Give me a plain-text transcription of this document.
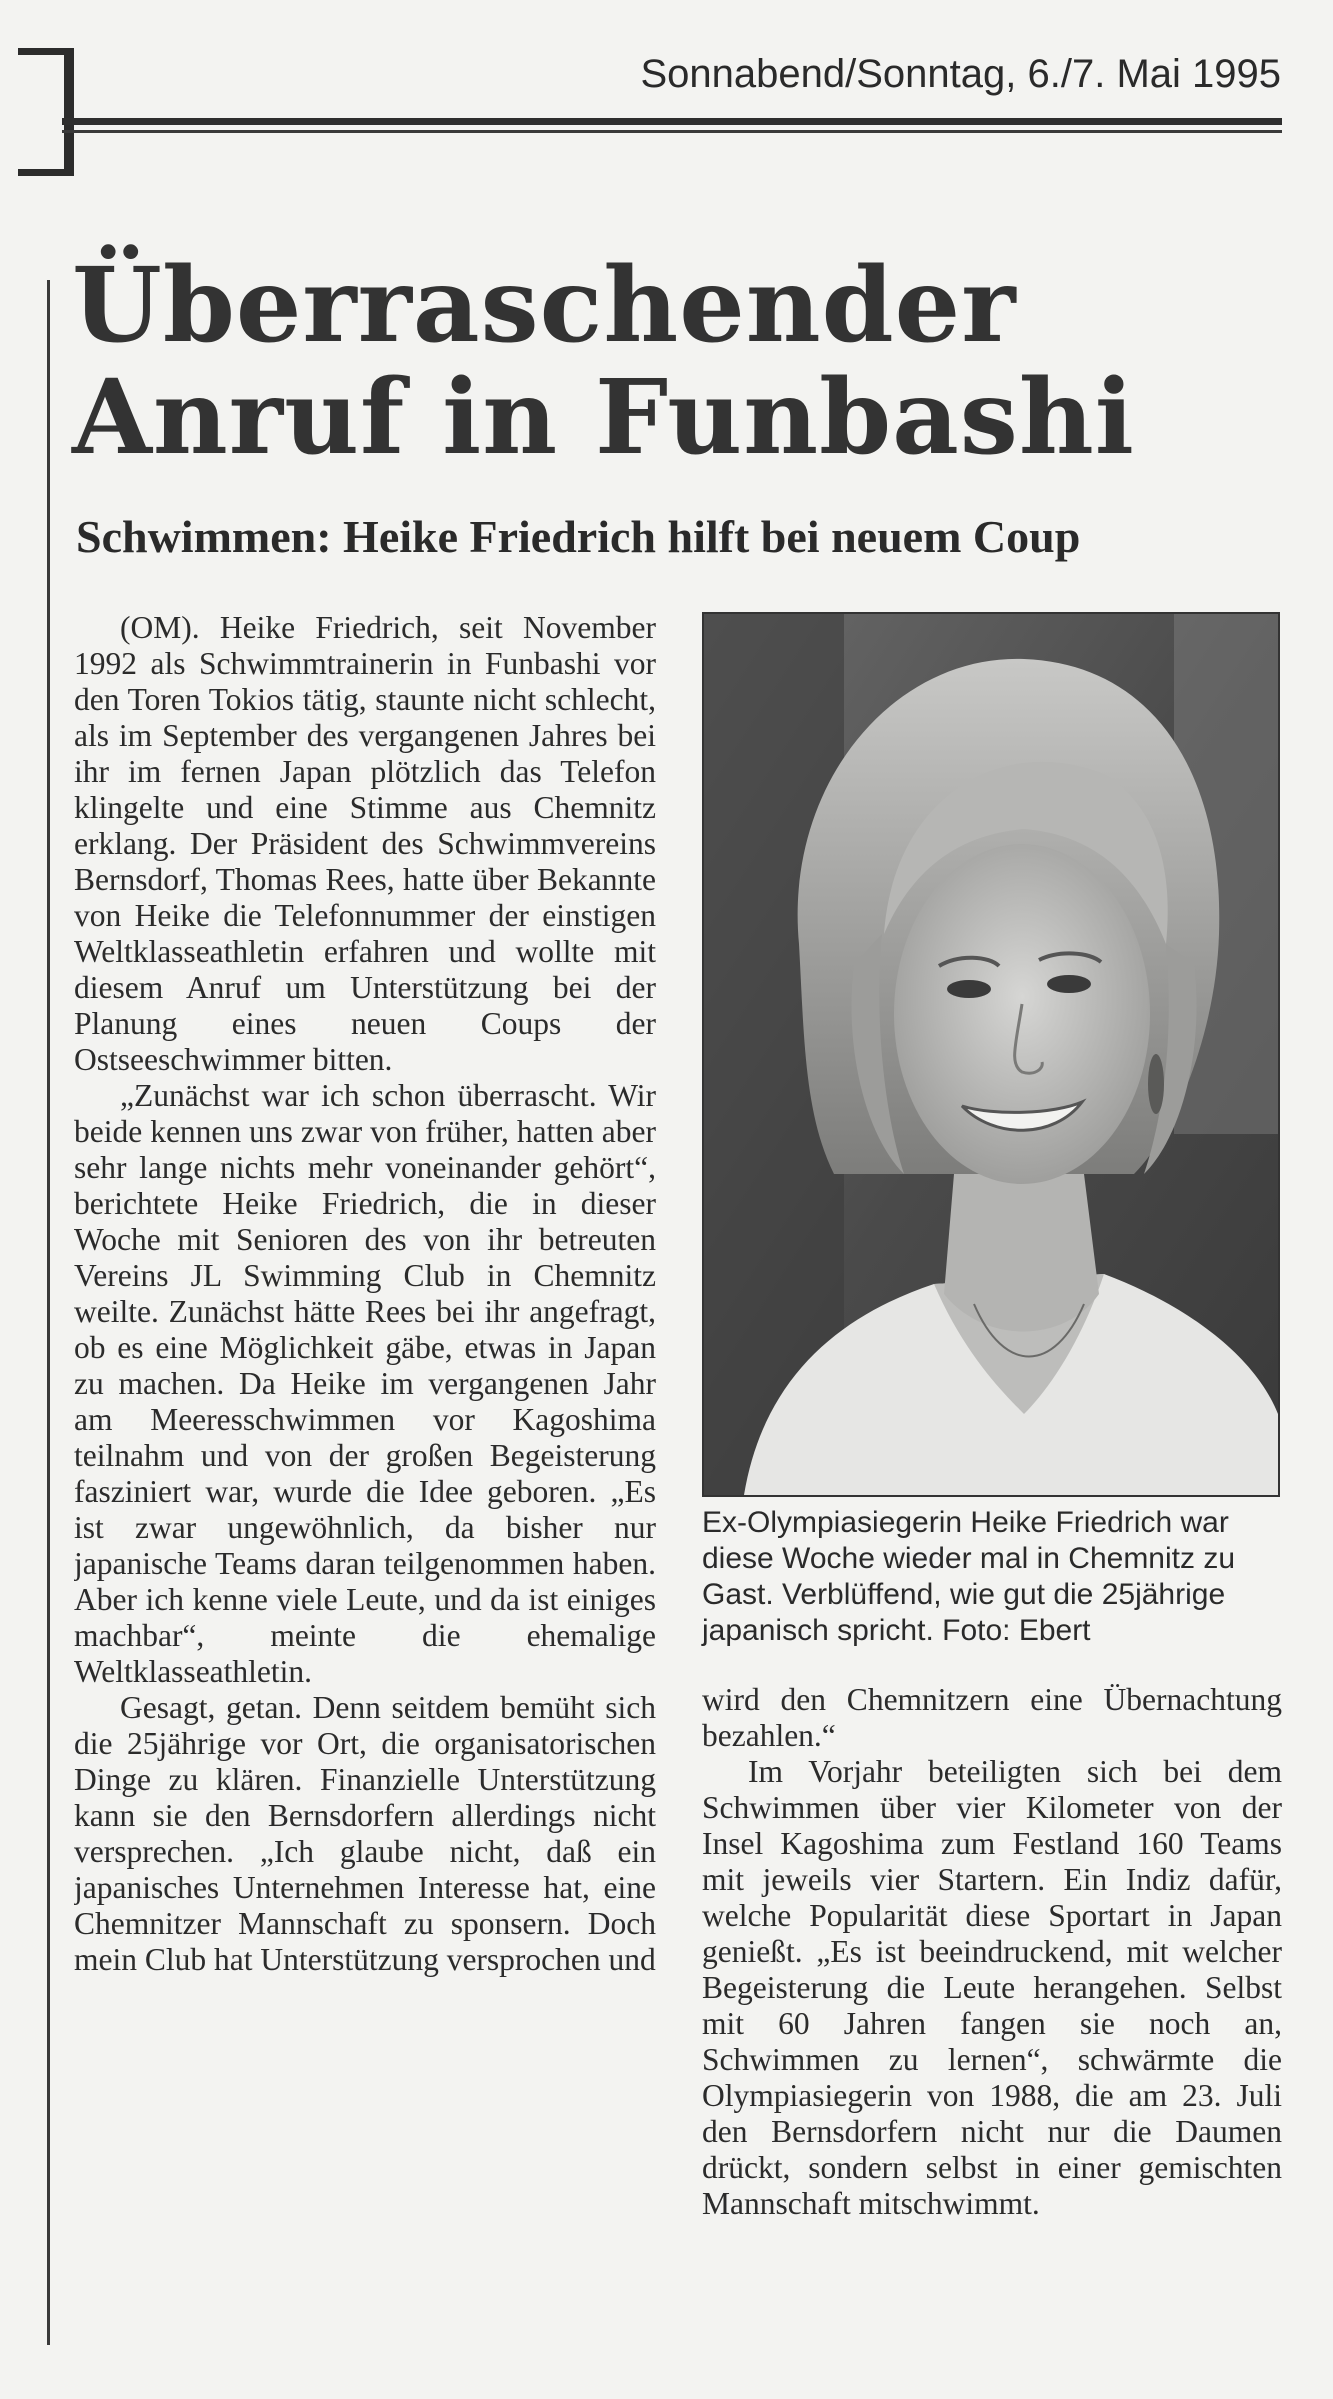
Sonnabend/Sonntag, 6./7. Mai 1995
Überraschender
Anruf in Funbashi
Schwimmen: Heike Friedrich hilft bei neuem Coup

(OM). Heike Friedrich, seit November 1992 als Schwimmtrainerin in Funbashi vor den Toren Tokios tätig, staunte nicht schlecht, als im September des vergangenen Jahres bei ihr im fernen Japan plötzlich das Telefon klingelte und eine Stimme aus Chemnitz erklang. Der Präsident des Schwimmvereins Bernsdorf, Thomas Rees, hatte über Bekannte von Heike die Telefonnummer der einstigen Weltklasseathletin erfahren und wollte mit diesem Anruf um Unterstützung bei der Planung eines neuen Coups der Ostseeschwimmer bitten.

„Zunächst war ich schon überrascht. Wir beide kennen uns zwar von früher, hatten aber sehr lange nichts mehr voneinander gehört“, berichtete Heike Friedrich, die in dieser Woche mit Senioren des von ihr betreuten Vereins JL Swimming Club in Chemnitz weilte. Zunächst hätte Rees bei ihr angefragt, ob es eine Möglichkeit gäbe, etwas in Japan zu machen. Da Heike im vergangenen Jahr am Meeresschwimmen vor Kagoshima teilnahm und von der großen Begeisterung fasziniert war, wurde die Idee geboren. „Es ist zwar ungewöhnlich, da bisher nur japanische Teams daran teilgenommen haben. Aber ich kenne viele Leute, und da ist einiges machbar“, meinte die ehemalige Weltklasseathletin.

Gesagt, getan. Denn seitdem bemüht sich die 25jährige vor Ort, die organisatorischen Dinge zu klären. Finanzielle Unterstützung kann sie den Bernsdorfern allerdings nicht versprechen. „Ich glaube nicht, daß ein japanisches Unternehmen Interesse hat, eine Chemnitzer Mannschaft zu sponsern. Doch mein Club hat Unterstützung versprochen und

Ex-Olympiasiegerin Heike Friedrich war diese Woche wieder mal in Chemnitz zu Gast. Verblüffend, wie gut die 25jährige japanisch spricht. Foto: Ebert

wird den Chemnitzern eine Übernachtung bezahlen.“

Im Vorjahr beteiligten sich bei dem Schwimmen über vier Kilometer von der Insel Kagoshima zum Festland 160 Teams mit jeweils vier Startern. Ein Indiz dafür, welche Popularität diese Sportart in Japan genießt. „Es ist beeindruckend, mit welcher Begeisterung die Leute herangehen. Selbst mit 60 Jahren fangen sie noch an, Schwimmen zu lernen“, schwärmte die Olympiasiegerin von 1988, die am 23. Juli den Bernsdorfern nicht nur die Daumen drückt, sondern selbst in einer gemischten Mannschaft mitschwimmt.
